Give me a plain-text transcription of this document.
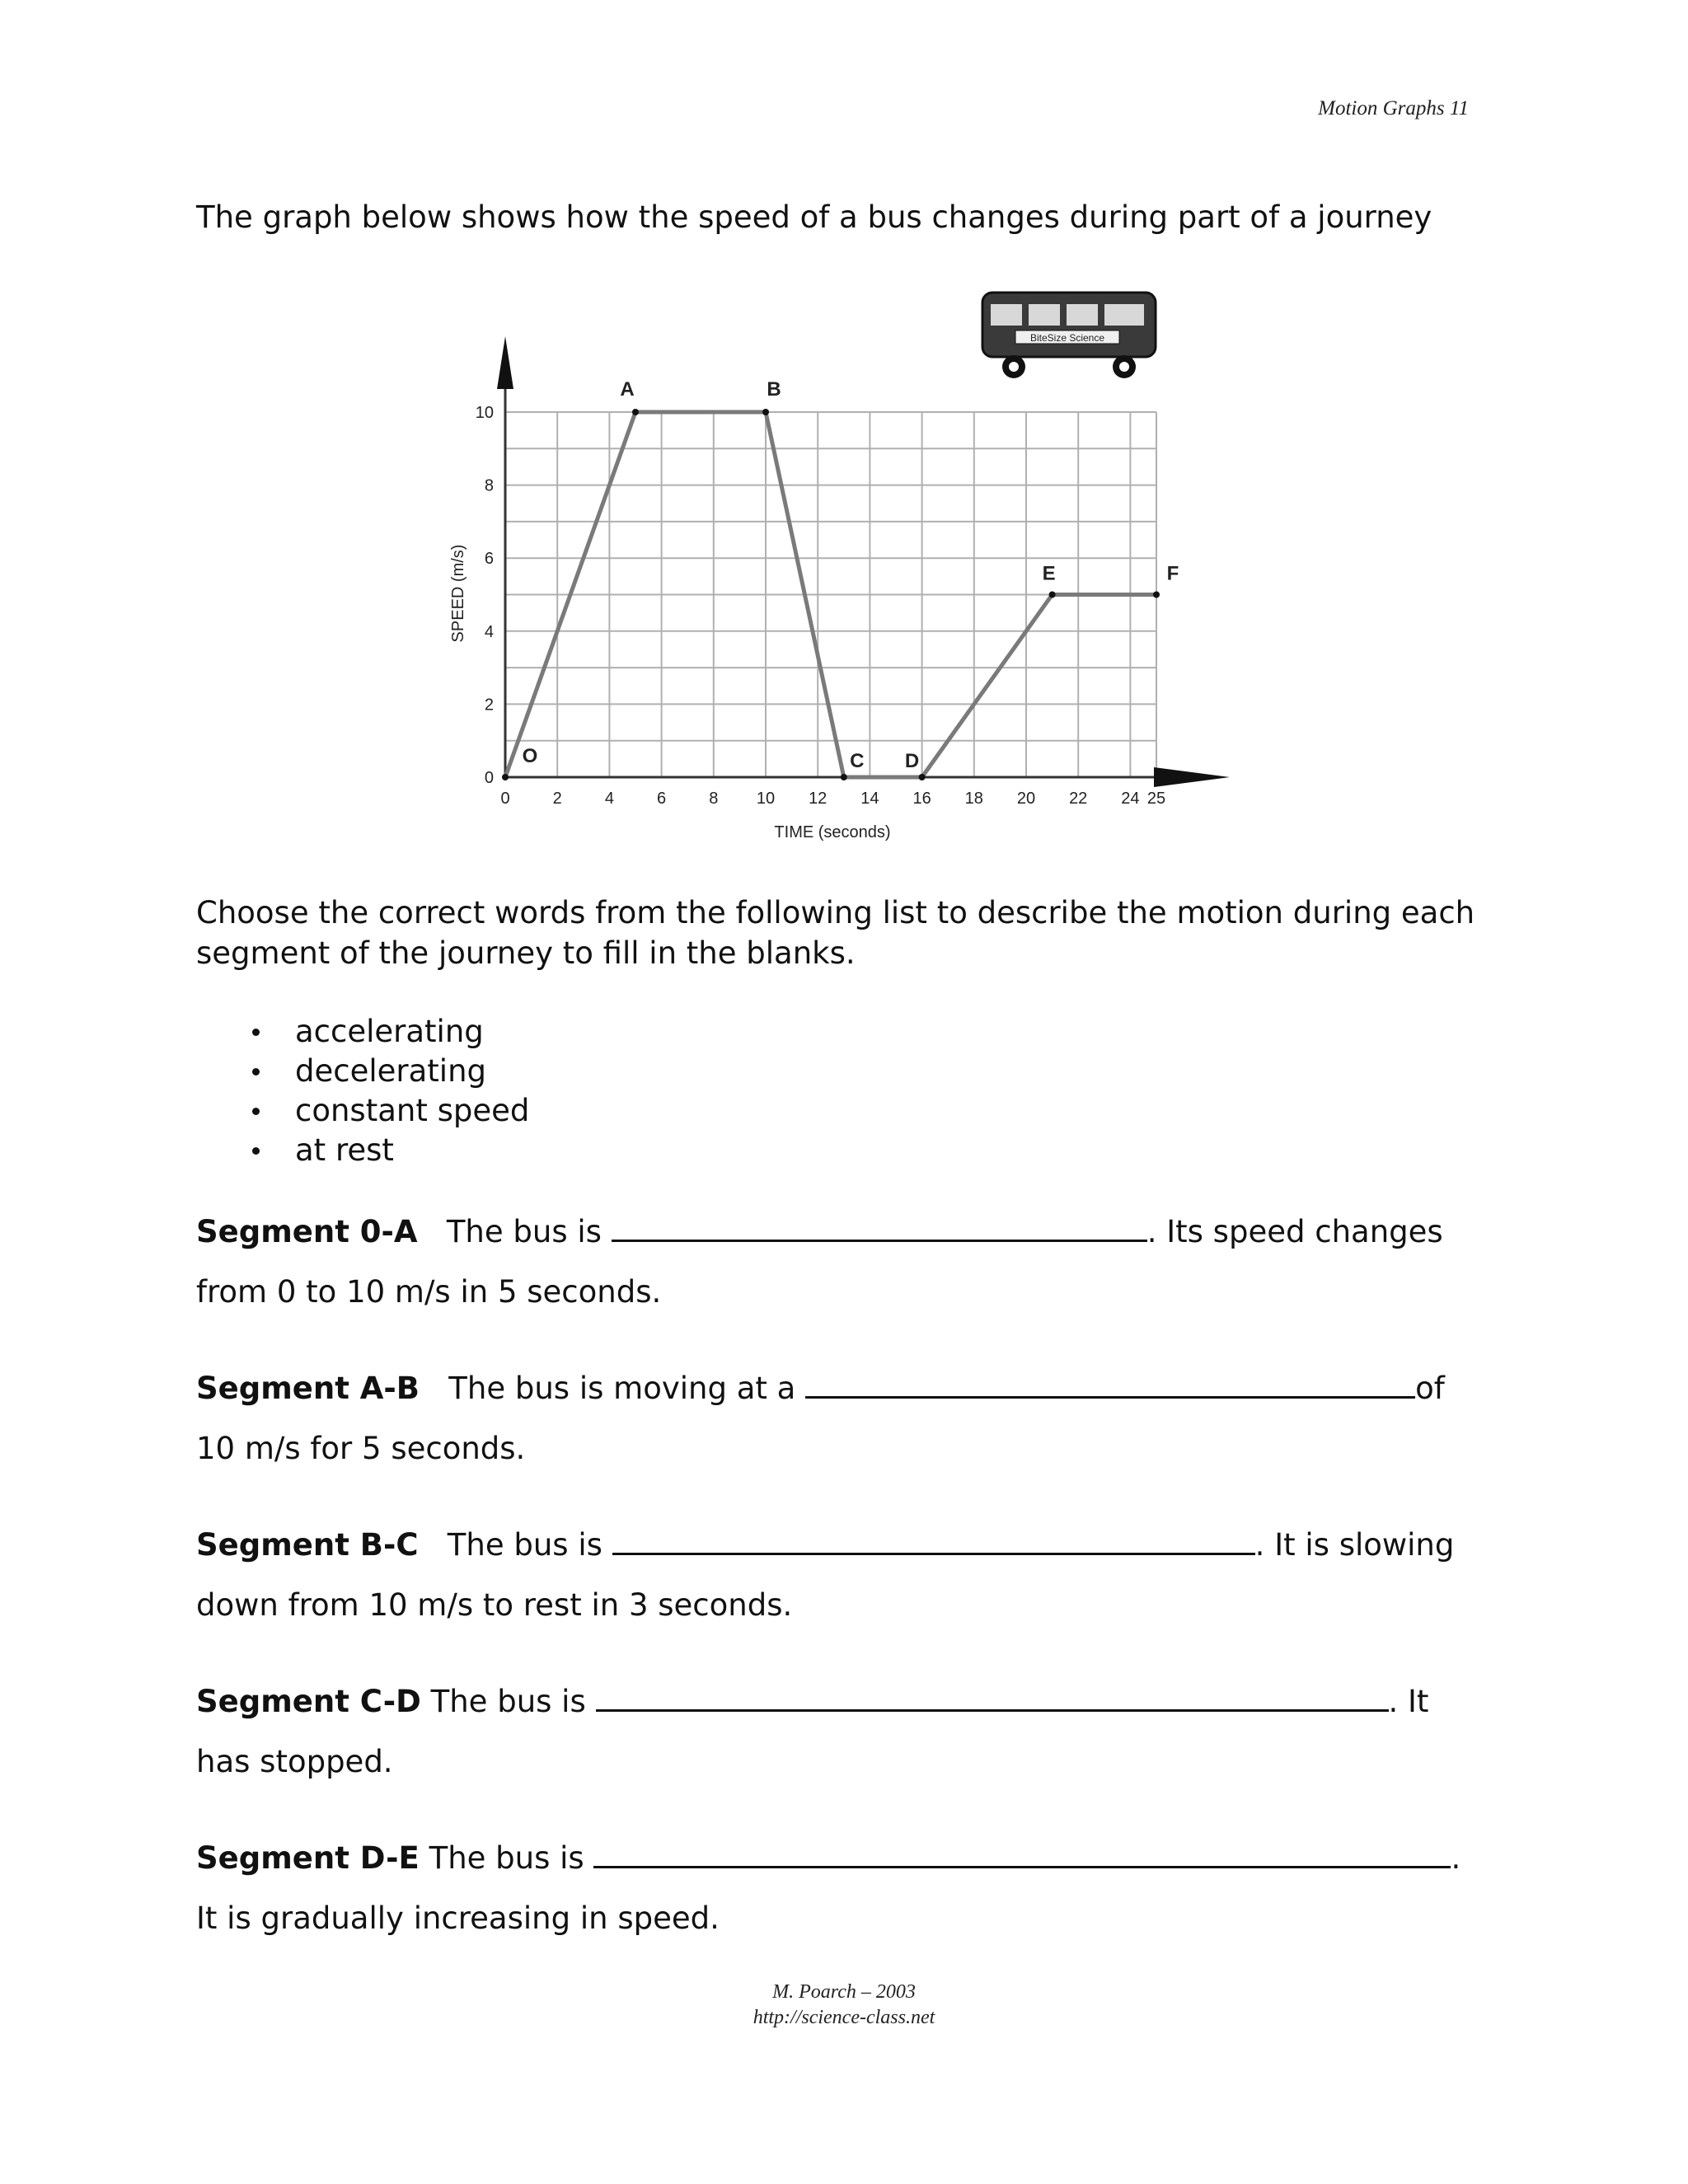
Motion Graphs 11
The graph below shows how the speed of a bus changes during part of a journey
0	2	4	6	8 10 12 14 16 18 20 22 24 25
0
2
4
6
8
10
SPEED (m/s)
TIME (seconds)
O
A	B
C D
E	F
BiteSize Science
Choose the correct words from the following list to describe the motion during each segment of the journey to fill in the blanks.
accelerating
decelerating
constant speed
at rest
Segment 0-A The bus is	. Its speed changes from 0 to 10 m/s in 5 seconds.
Segment A-B The bus is moving at a	of 10 m/s for 5 seconds.
Segment B-C The bus is	. It is slowing down from 10 m/s to rest in 3 seconds.
Segment C-D The bus is	. It has stopped.
Segment D-E The bus is	. It is gradually increasing in speed.
M. Poarch – 2003
http://science-class.net
